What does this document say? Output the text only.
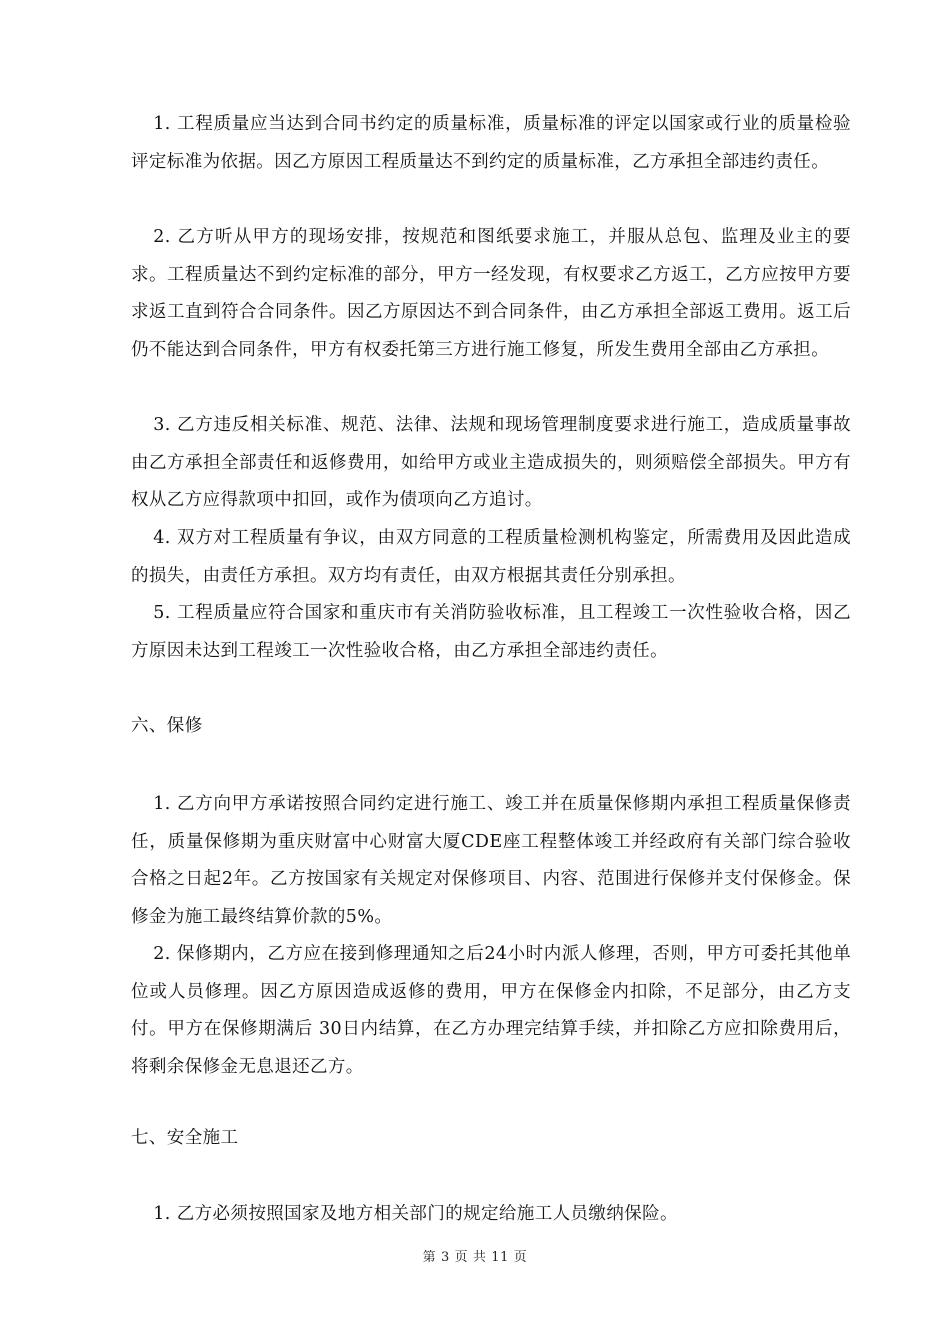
1. 工程质量应当达到合同书约定的质量标准，质量标准的评定以国家或行业的质量检验评定标准为依据。因乙方原因工程质量达不到约定的质量标准，乙方承担全部违约责任。

2. 乙方听从甲方的现场安排，按规范和图纸要求施工，并服从总包、监理及业主的要求。工程质量达不到约定标准的部分，甲方一经发现，有权要求乙方返工，乙方应按甲方要求返工直到符合合同条件。因乙方原因达不到合同条件，由乙方承担全部返工费用。返工后仍不能达到合同条件，甲方有权委托第三方进行施工修复，所发生费用全部由乙方承担。

3. 乙方违反相关标准、规范、法律、法规和现场管理制度要求进行施工，造成质量事故由乙方承担全部责任和返修费用，如给甲方或业主造成损失的，则须赔偿全部损失。甲方有权从乙方应得款项中扣回，或作为债项向乙方追讨。

4. 双方对工程质量有争议，由双方同意的工程质量检测机构鉴定，所需费用及因此造成的损失，由责任方承担。双方均有责任，由双方根据其责任分别承担。

5. 工程质量应符合国家和重庆市有关消防验收标准，且工程竣工一次性验收合格，因乙方原因未达到工程竣工一次性验收合格，由乙方承担全部违约责任。

六、保修

1. 乙方向甲方承诺按照合同约定进行施工、竣工并在质量保修期内承担工程质量保修责任，质量保修期为重庆财富中心财富大厦CDE座工程整体竣工并经政府有关部门综合验收合格之日起2年。乙方按国家有关规定对保修项目、内容、范围进行保修并支付保修金。保修金为施工最终结算价款的5%。

2. 保修期内，乙方应在接到修理通知之后24小时内派人修理，否则，甲方可委托其他单位或人员修理。因乙方原因造成返修的费用，甲方在保修金内扣除，不足部分，由乙方支付。甲方在保修期满后 30日内结算，在乙方办理完结算手续，并扣除乙方应扣除费用后，将剩余保修金无息退还乙方。

七、安全施工

1. 乙方必须按照国家及地方相关部门的规定给施工人员缴纳保险。

第 3 页 共 11 页
